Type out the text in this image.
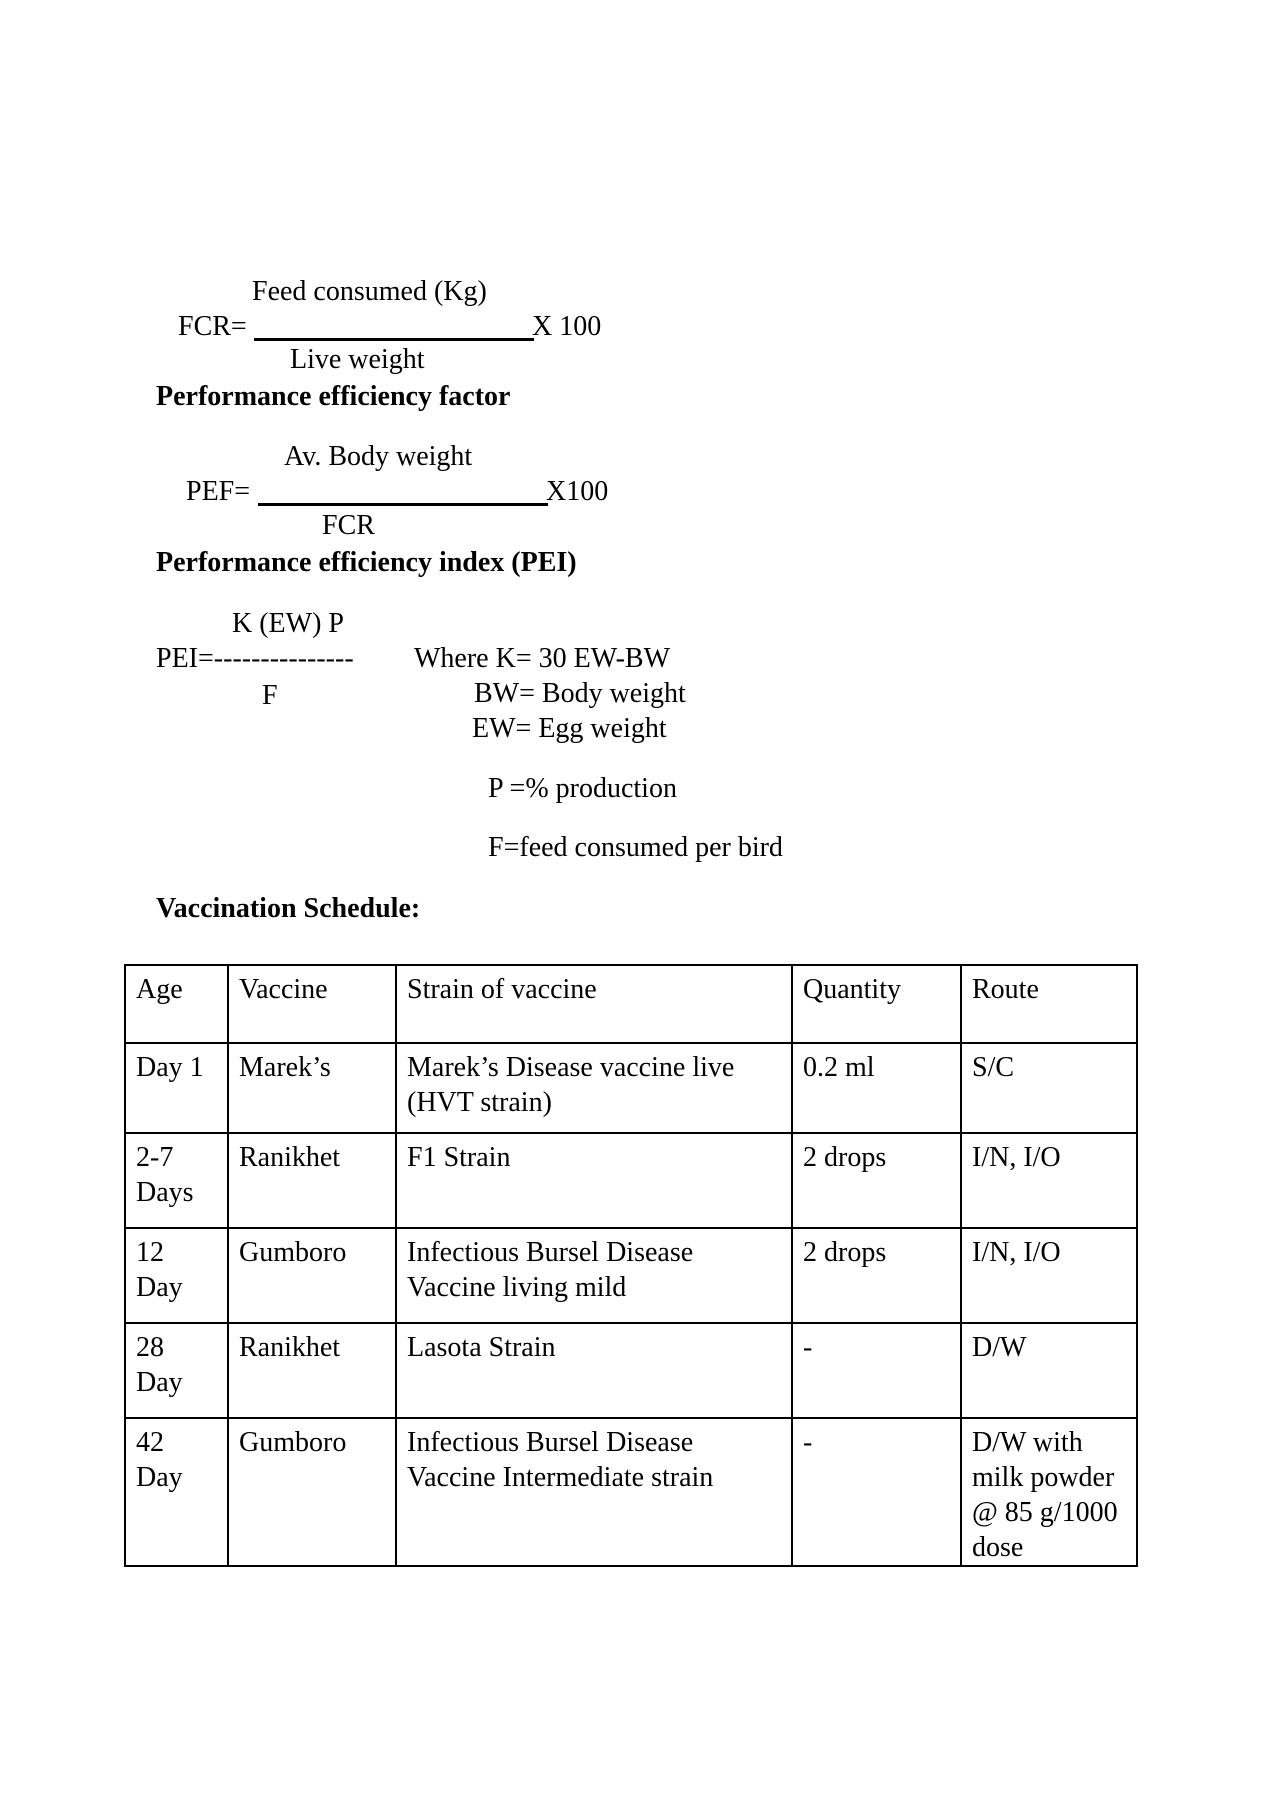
Feed consumed (Kg)
FCR=	X 100
Live weight
Performance efficiency factor
Av. Body weight
PEF=	X100
FCR
Performance efficiency index (PEI)
K (EW) P
PEI=---------------
F
Where K= 30 EW-BW
BW= Body weight
EW= Egg weight
P =% production
F=feed consumed per bird
Vaccination Schedule:
Age	Vaccine	Strain of vaccine	Quantity	Route
Day 1	Marek’s	Marek’s Disease vaccine live (HVT strain)	0.2 ml	S/C
2-7 Days	Ranikhet	F1 Strain	2 drops	I/N, I/O
12 Day	Gumboro	Infectious Bursel Disease Vaccine living mild	2 drops	I/N, I/O
28 Day	Ranikhet	Lasota Strain	-	D/W
42 Day	Gumboro	Infectious Bursel Disease Vaccine Intermediate strain	-	D/W with milk powder @ 85 g/1000 dose
